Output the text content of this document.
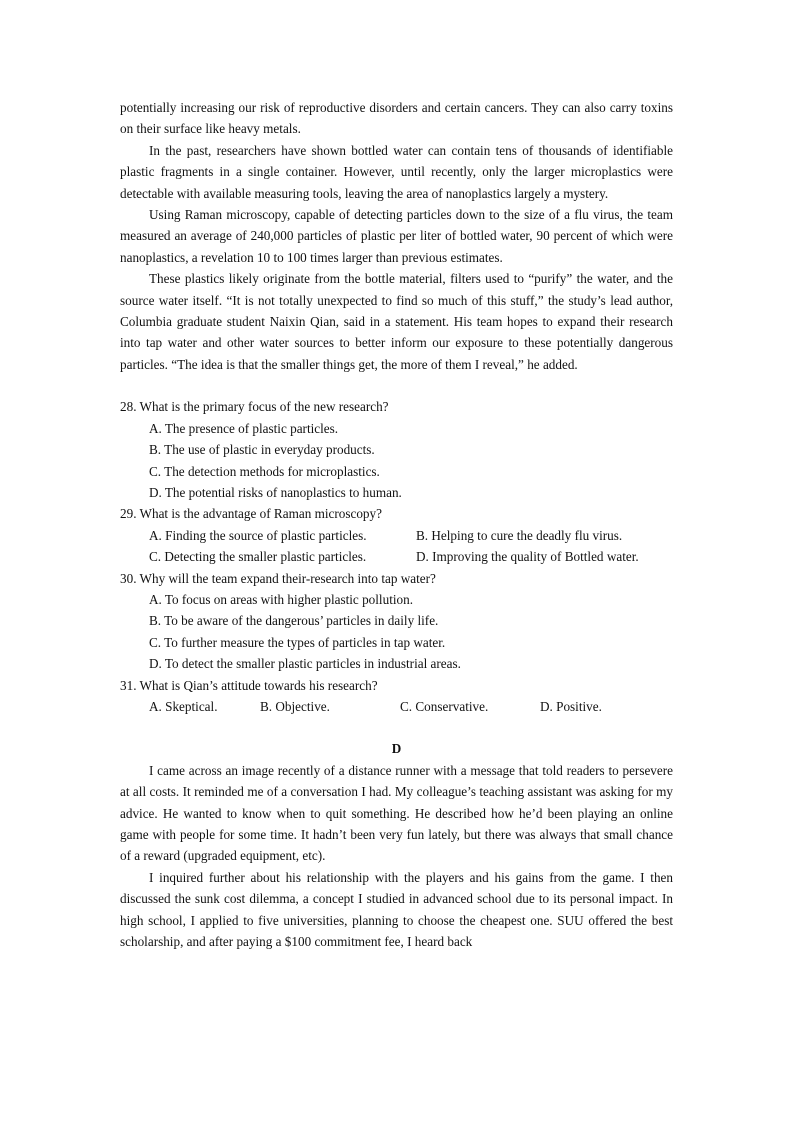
potentially increasing our risk of reproductive disorders and certain cancers. They can also carry toxins on their surface like heavy metals.

In the past, researchers have shown bottled water can contain tens of thousands of identifiable plastic fragments in a single container. However, until recently, only the larger microplastics were detectable with available measuring tools, leaving the area of nanoplastics largely a mystery.

Using Raman microscopy, capable of detecting particles down to the size of a flu virus, the team measured an average of 240,000 particles of plastic per liter of bottled water, 90 percent of which were nanoplastics, a revelation 10 to 100 times larger than previous estimates.

These plastics likely originate from the bottle material, filters used to “purify” the water, and the source water itself. “It is not totally unexpected to find so much of this stuff,” the study’s lead author, Columbia graduate student Naixin Qian, said in a statement. His team hopes to expand their research into tap water and other water sources to better inform our exposure to these potentially dangerous particles. “The idea is that the smaller things get, the more of them I reveal,” he added.

28. What is the primary focus of the new research?

A. The presence of plastic particles.

B. The use of plastic in everyday products.

C. The detection methods for microplastics.

D. The potential risks of nanoplastics to human.

29. What is the advantage of Raman microscopy?

A. Finding the source of plastic particles.	B. Helping to cure the deadly flu virus.
C. Detecting the smaller plastic particles.	D. Improving the quality of Bottled water.

30. Why will the team expand their-research into tap water?

A. To focus on areas with higher plastic pollution.

B. To be aware of the dangerous’ particles in daily life.

C. To further measure the types of particles in tap water.

D. To detect the smaller plastic particles in industrial areas.

31. What is Qian’s attitude towards his research?

A. Skeptical.	B. Objective.	C. Conservative.	D. Positive.

D

I came across an image recently of a distance runner with a message that told readers to persevere at all costs. It reminded me of a conversation I had. My colleague’s teaching assistant was asking for my advice. He wanted to know when to quit something. He described how he’d been playing an online game with people for some time. It hadn’t been very fun lately, but there was always that small chance of a reward (upgraded equipment, etc).

I inquired further about his relationship with the players and his gains from the game. I then discussed the sunk cost dilemma, a concept I studied in advanced school due to its personal impact. In high school, I applied to five universities, planning to choose the cheapest one. SUU offered the best scholarship, and after paying a $100 commitment fee, I heard back
